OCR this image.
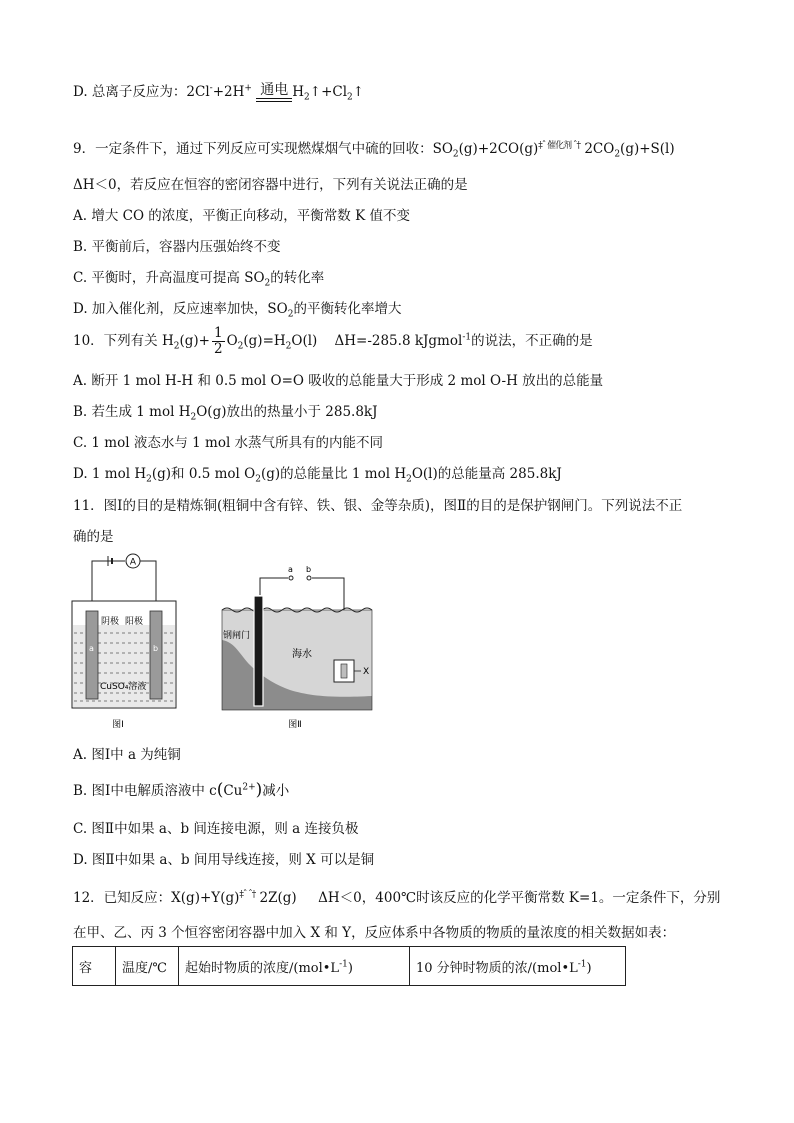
D. 总离子反应为：2Cl-+2H+ 通电 $H_2↑+Cl_2↑$
9．一定条件下，通过下列反应可实现燃煤烟气中硫的回收：$SO_2(g)+2CO(g)\ddagger ˆ$ 催化剂 ˆ† $2CO_2(g)+S(l)$
ΔH＜0，若反应在恒容的密闭容器中进行，下列有关说法正确的是
A. 增大 CO 的浓度，平衡正向移动，平衡常数 K 值不变
B. 平衡前后，容器内压强始终不变
C. 平衡时，升高温度可提高 $SO_2$的转化率
D. 加入催化剂，反应速率加快，$SO_2$的平衡转化率增大
10．下列有关 $H_2(g)+ \frac{1}{2} O_2(g)=H_2O(l)$ ΔH=-285.8 kJgmol$^{-1}$的说法，不正确的是
A. 断开 1 mol H-H 和 0.5 mol O=O 吸收的总能量大于形成 2 mol O-H 放出的总能量
B. 若生成 1 mol $H_2O(g)$放出的热量小于 285.8kJ
C. 1 mol 液态水与 1 mol 水蒸气所具有的内能不同
D. 1 mol $H_2(g)$和 0.5 mol $O_2(g)$的总能量比 1 mol $H_2O(l)$的总能量高 285.8kJ
11．图Ⅰ的目的是精炼铜(粗铜中含有锌、铁、银、金等杂质)，图Ⅱ的目的是保护钢闸门。下列说法不正
确的是
A
阴极 阳极
a	b
CuSO₄溶液
图Ⅰ
a b
钢闸门
海水
X
图Ⅱ
A. 图Ⅰ中 a 为纯铜
B. 图Ⅰ中电解质溶液中 $c(Cu^{2+})$减小
C. 图Ⅱ中如果 a、b 间连接电源，则 a 连接负极
D. 图Ⅱ中如果 a、b 间用导线连接，则 X 可以是铜
12．已知反应：X(g)+Y(g)‡ˆ ˆ† 2Z(g) ΔH＜0，400℃时该反应的化学平衡常数 K=1。一定条件下，分别
在甲、乙、丙 3 个恒容密闭容器中加入 X 和 Y，反应体系中各物质的物质的量浓度的相关数据如表：
容	温度/℃	起始时物质的浓度$/(mol•L^{-1})$	10 分钟时物质的浓$/(mol•L^{-1})$
